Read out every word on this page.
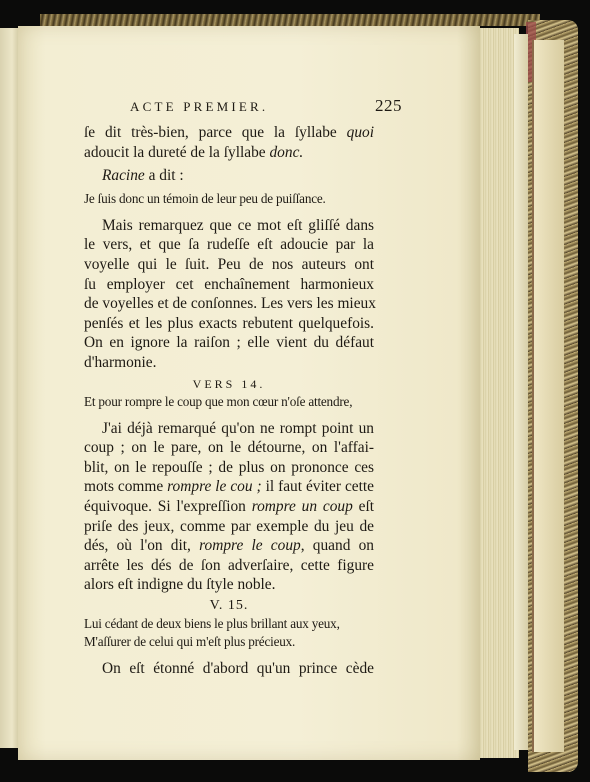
ACTE PREMIER.	225
ſe dit très-bien, parce que la ſyllabe quoi
adoucit la dureté de la ſyllabe donc.
Racine a dit :
Je ſuis donc un témoin de leur peu de puiſſance.
Mais remarquez que ce mot eſt gliſſé dans
le vers, et que ſa rudeſſe eſt adoucie par la
voyelle qui le ſuit. Peu de nos auteurs ont
ſu employer cet enchaînement harmonieux
de voyelles et de conſonnes. Les vers les mieux
penſés et les plus exacts rebutent quelquefois.
On en ignore la raiſon ; elle vient du défaut
d'harmonie.
VERS 14.
Et pour rompre le coup que mon cœur n'oſe attendre,
J'ai déjà remarqué qu'on ne rompt point un
coup ; on le pare, on le détourne, on l'affai-
blit, on le repouſſe ; de plus on prononce ces
mots comme rompre le cou ; il faut éviter cette
équivoque. Si l'expreſſion rompre un coup eſt
priſe des jeux, comme par exemple du jeu de
dés, où l'on dit, rompre le coup, quand on
arrête les dés de ſon adverſaire, cette figure
alors eſt indigne du ſtyle noble.
V. 15.
Lui cédant de deux biens le plus brillant aux yeux,
M'aſſurer de celui qui m'eſt plus précieux.
On eſt étonné d'abord qu'un prince cède
